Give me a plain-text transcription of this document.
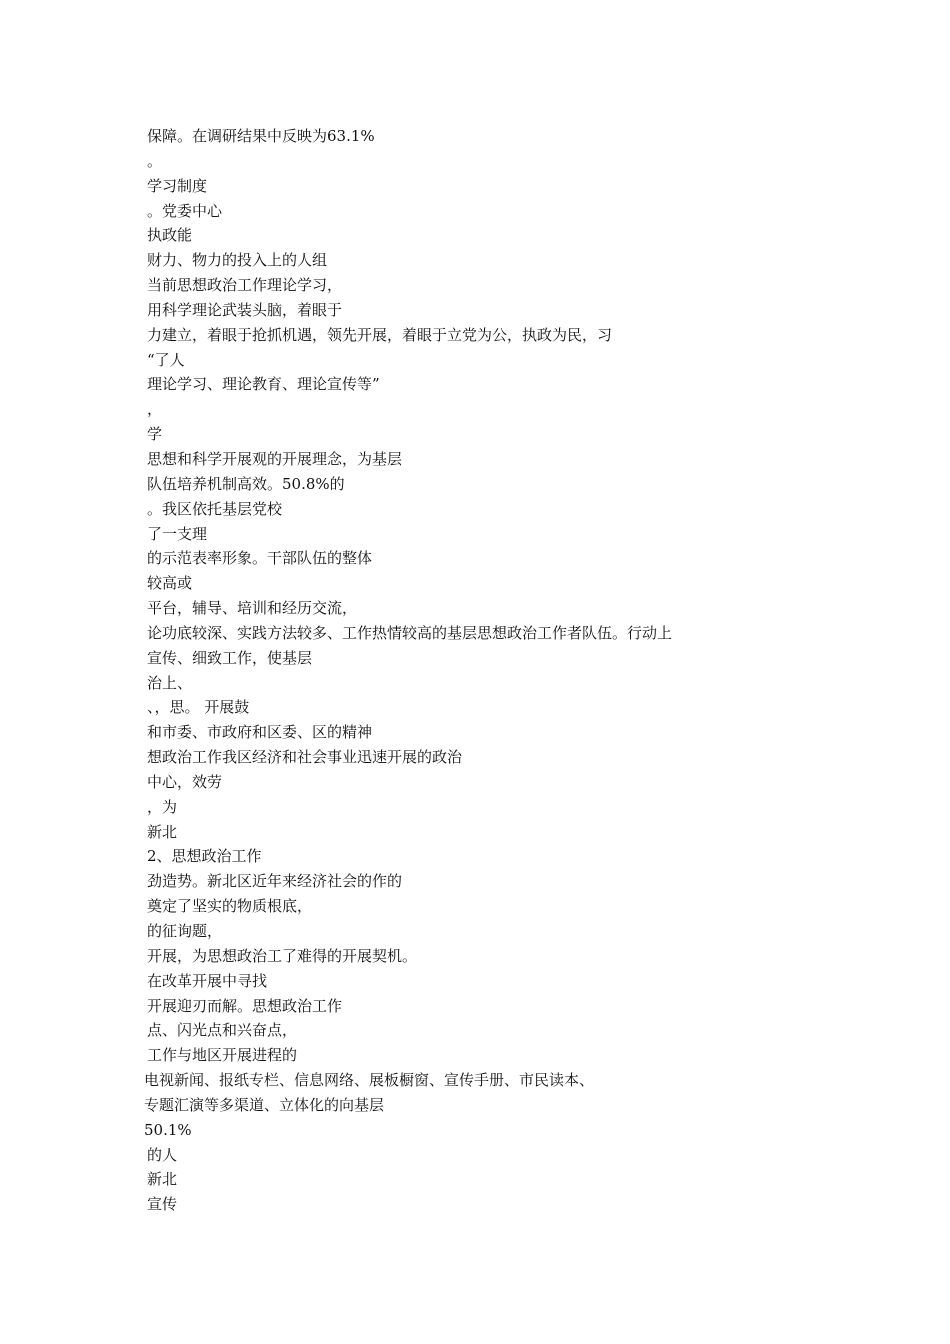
保障。在调研结果中反映为63.1%
。
学习制度
。党委中心
执政能
财力、物力的投入上的人组
当前思想政治工作理论学习，
用科学理论武装头脑，着眼于
力建立，着眼于抢抓机遇，领先开展，着眼于立党为公，执政为民，习
“了人
理论学习、理论教育、理论宣传等”
，
学
思想和科学开展观的开展理念，为基层
队伍培养机制高效。50.8%的
。我区依托基层党校
了一支理
的示范表率形象。干部队伍的整体
较高或
平台，辅导、培训和经历交流，
论功底较深、实践方法较多、工作热情较高的基层思想政治工作者队伍。行动上
宣传、细致工作，使基层
治上、
、，思。 开展鼓
和市委、市政府和区委、区的精神
想政治工作我区经济和社会事业迅速开展的政治
中心，效劳
，为
新北
2、思想政治工作
劲造势。新北区近年来经济社会的作的
奠定了坚实的物质根底，
的征询题，
开展，为思想政治工了难得的开展契机。
在改革开展中寻找
开展迎刃而解。思想政治工作
点、闪光点和兴奋点，
工作与地区开展进程的
电视新闻、报纸专栏、信息网络、展板橱窗、宣传手册、市民读本、
专题汇演等多渠道、立体化的向基层
50.1%
的人
新北
宣传
